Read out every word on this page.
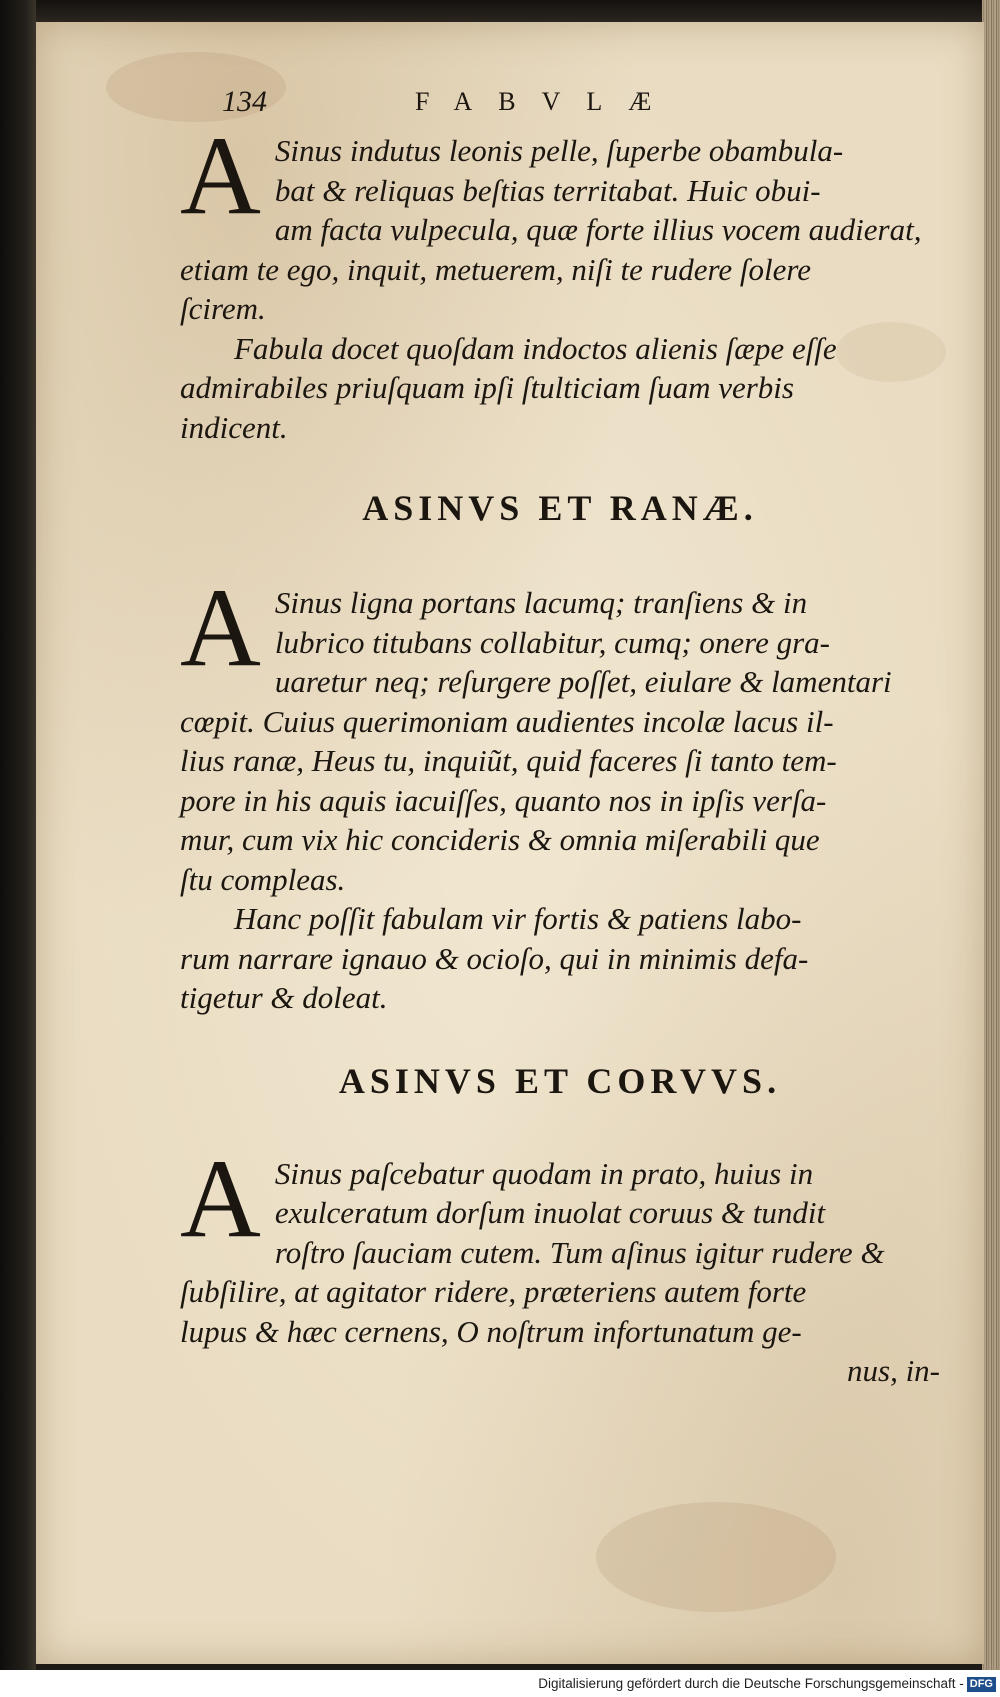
134	FABVLÆ
A Sinus indutus leonis pelle, ſuperbe obambula-
bat & reliquas beſtias territabat. Huic obui-
am facta vulpecula, quæ forte illius vocem audierat,
etiam te ego, inquit, metuerem, niſi te rudere ſolere
ſcirem.
Fabula docet quoſdam indoctos alienis ſæpe eſſe
admirabiles priuſquam ipſi ſtulticiam ſuam verbis
indicent.
ASINVS ET RANÆ.
A Sinus ligna portans lacumq; tranſiens & in
lubrico titubans collabitur, cumq; onere gra-
uaretur neq; reſurgere poſſet, eiulare & lamentari
cœpit. Cuius querimoniam audientes incolæ lacus il-
lius ranæ, Heus tu, inquiũt, quid faceres ſi tanto tem-
pore in his aquis iacuiſſes, quanto nos in ipſis verſa-
mur, cum vix hic concideris & omnia miſerabili que
ſtu compleas.
Hanc poſſit fabulam vir fortis & patiens labo-
rum narrare ignauo & ocioſo, qui in minimis defa-
tigetur & doleat.
ASINVS ET CORVVS.
A Sinus paſcebatur quodam in prato, huius in
exulceratum dorſum inuolat coruus & tundit
roſtro ſauciam cutem. Tum aſinus igitur rudere &
ſubſilire, at agitator ridere, præteriens autem forte
lupus & hæc cernens, O noſtrum infortunatum ge-
nus, in-
Digitalisierung gefördert durch die Deutsche Forschungsgemeinschaft - DFG
